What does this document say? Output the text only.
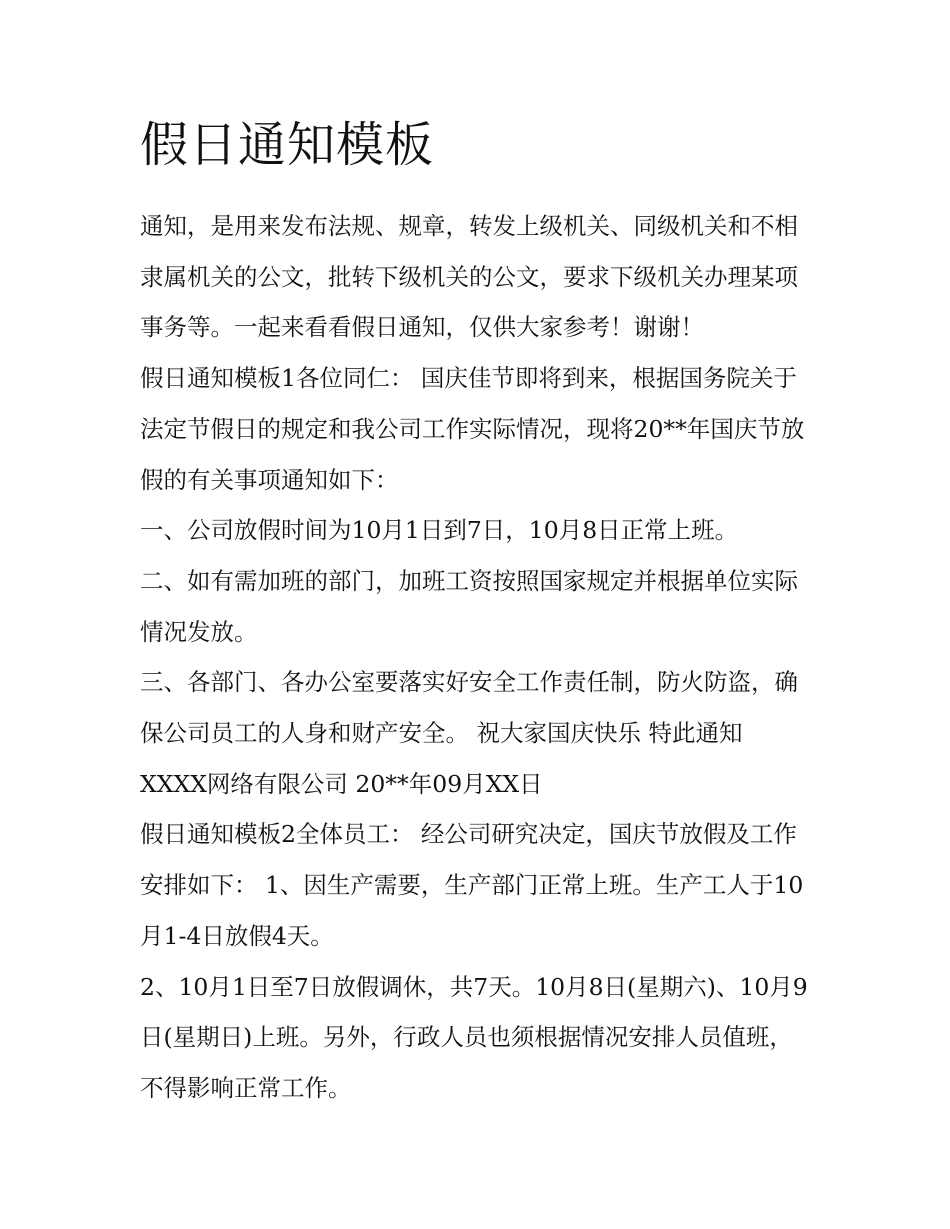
假日通知模板

通知，是用来发布法规、规章，转发上级机关、同级机关和不相隶属机关的公文，批转下级机关的公文，要求下级机关办理某项事务等。一起来看看假日通知，仅供大家参考！谢谢！

假日通知模板1各位同仁： 国庆佳节即将到来，根据国务院关于法定节假日的规定和我公司工作实际情况，现将20**年国庆节放假的有关事项通知如下：

一、公司放假时间为10月1日到7日，10月8日正常上班。

二、如有需加班的部门，加班工资按照国家规定并根据单位实际情况发放。

三、各部门、各办公室要落实好安全工作责任制，防火防盗，确保公司员工的人身和财产安全。 祝大家国庆快乐 特此通知 XXXX网络有限公司 20**年09月XX日

假日通知模板2全体员工： 经公司研究决定，国庆节放假及工作安排如下： 1、因生产需要，生产部门正常上班。生产工人于10月1-4日放假4天。

2、10月1日至7日放假调休，共7天。10月8日(星期六)、10月9日(星期日)上班。另外，行政人员也须根据情况安排人员值班，不得影响正常工作。
